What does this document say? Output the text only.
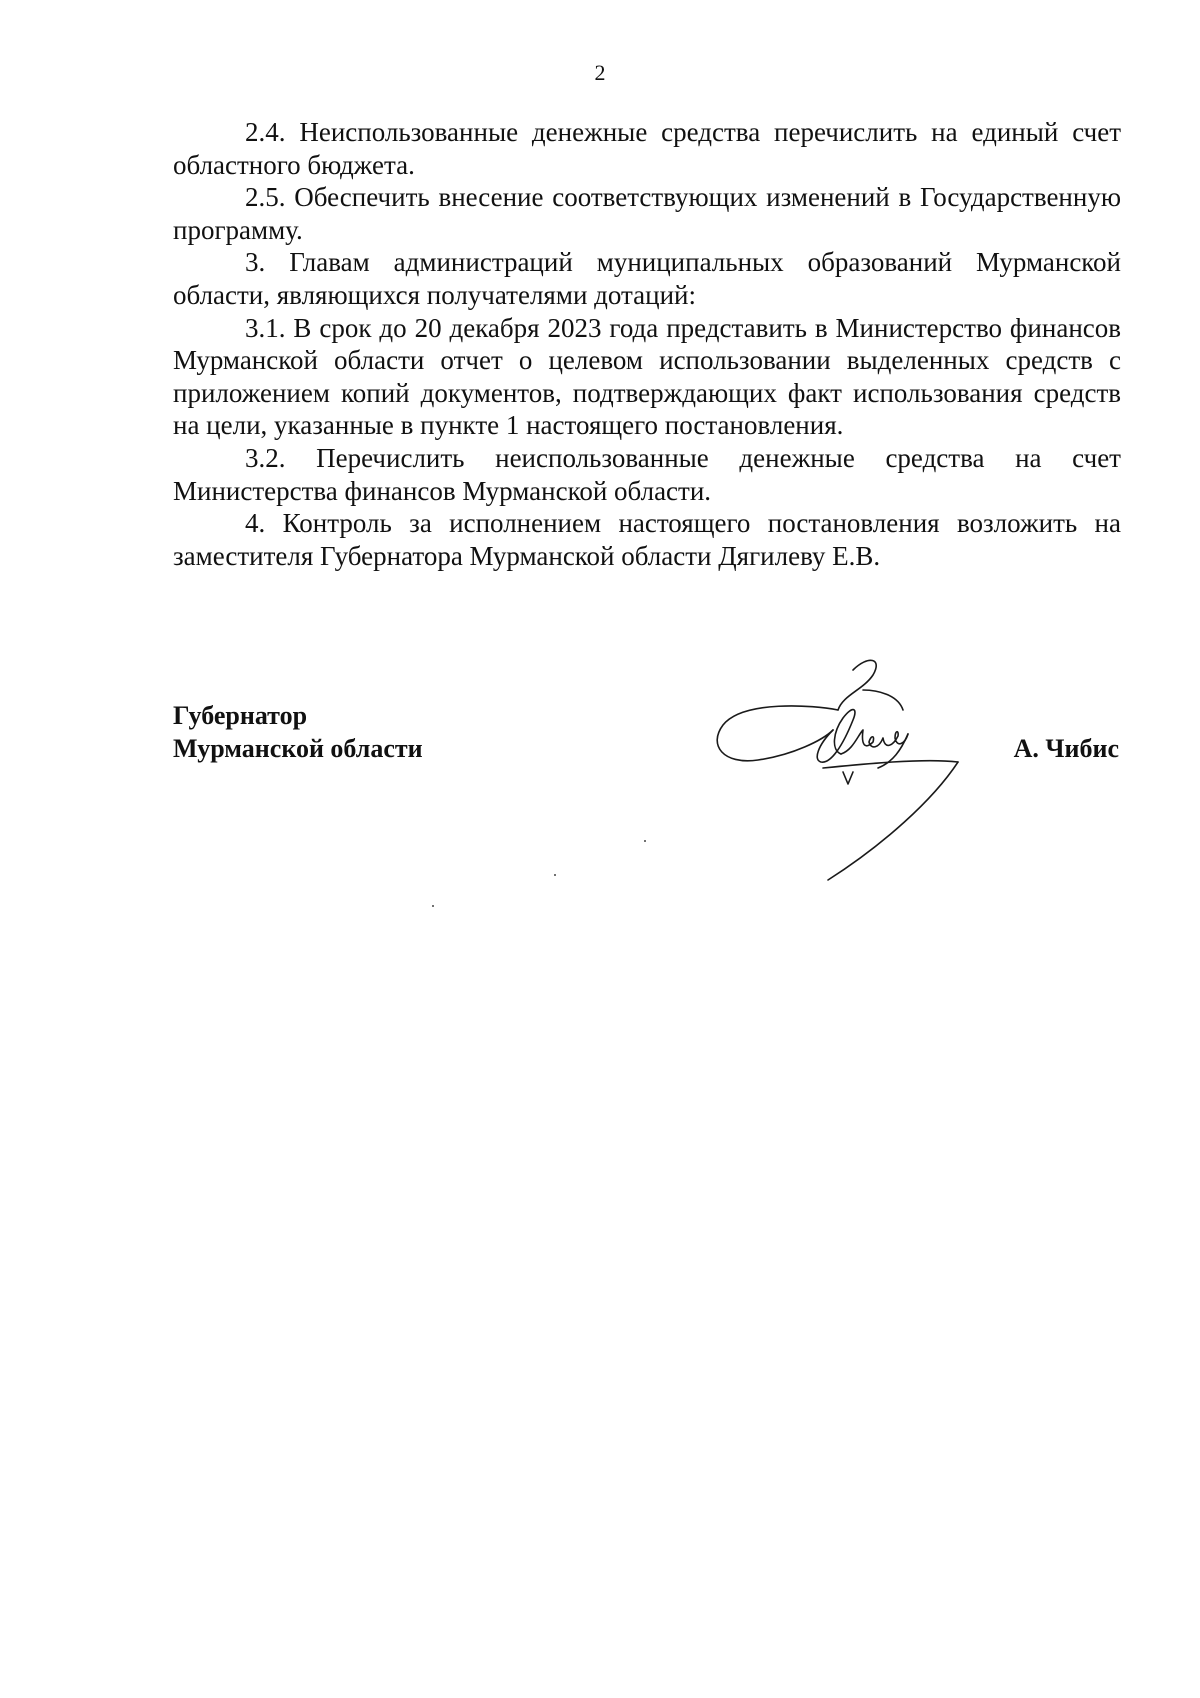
2

2.4. Неиспользованные денежные средства перечислить на единый счет областного бюджета.

2.5. Обеспечить внесение соответствующих изменений в Государственную программу.

3. Главам администраций муниципальных образований Мурманской области, являющихся получателями дотаций:

3.1. В срок до 20 декабря 2023 года представить в Министерство финансов Мурманской области отчет о целевом использовании выделенных средств с приложением копий документов, подтверждающих факт использования средств на цели, указанные в пункте 1 настоящего постановления.

3.2. Перечислить неиспользованные денежные средства на счет Министерства финансов Мурманской области.

4. Контроль за исполнением настоящего постановления возложить на заместителя Губернатора Мурманской области Дягилеву Е.В.

Губернатор
Мурманской области	А. Чибис
